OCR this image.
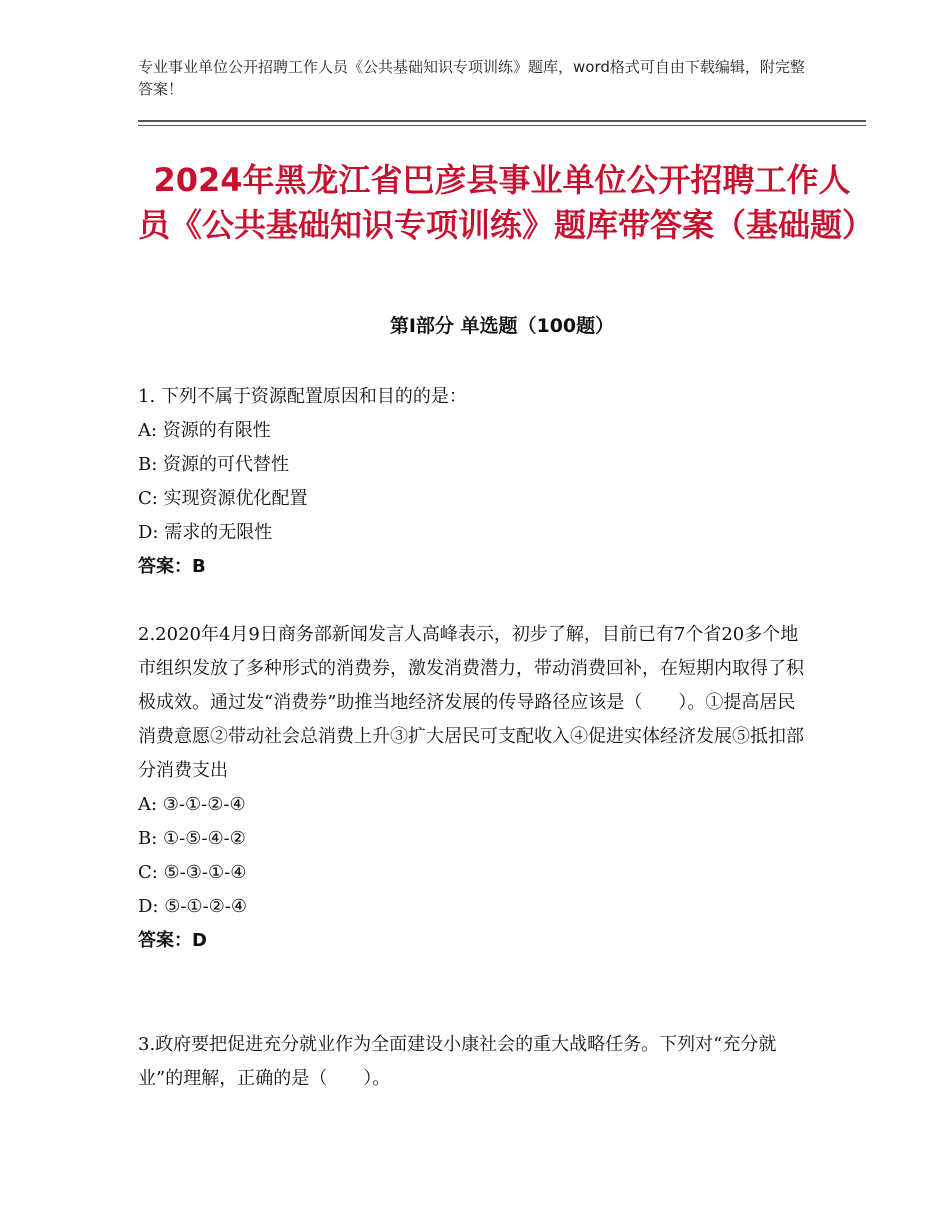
专业事业单位公开招聘工作人员《公共基础知识专项训练》题库，word格式可自由下载编辑，附完整答案！
2024年黑龙江省巴彦县事业单位公开招聘工作人员《公共基础知识专项训练》题库带答案（基础题）
第Ⅰ部分 单选题（100题）
1. 下列不属于资源配置原因和目的的是：
A: 资源的有限性
B: 资源的可代替性
C: 实现资源优化配置
D: 需求的无限性
答案：B
2.2020年4月9日商务部新闻发言人高峰表示，初步了解，目前已有7个省20多个地市组织发放了多种形式的消费券，激发消费潜力，带动消费回补，在短期内取得了积极成效。通过发“消费券”助推当地经济发展的传导路径应该是（　　）。①提高居民消费意愿②带动社会总消费上升③扩大居民可支配收入④促进实体经济发展⑤抵扣部分消费支出
A: ③-①-②-④
B: ①-⑤-④-②
C: ⑤-③-①-④
D: ⑤-①-②-④
答案：D
3.政府要把促进充分就业作为全面建设小康社会的重大战略任务。下列对“充分就业”的理解，正确的是（　　）。
